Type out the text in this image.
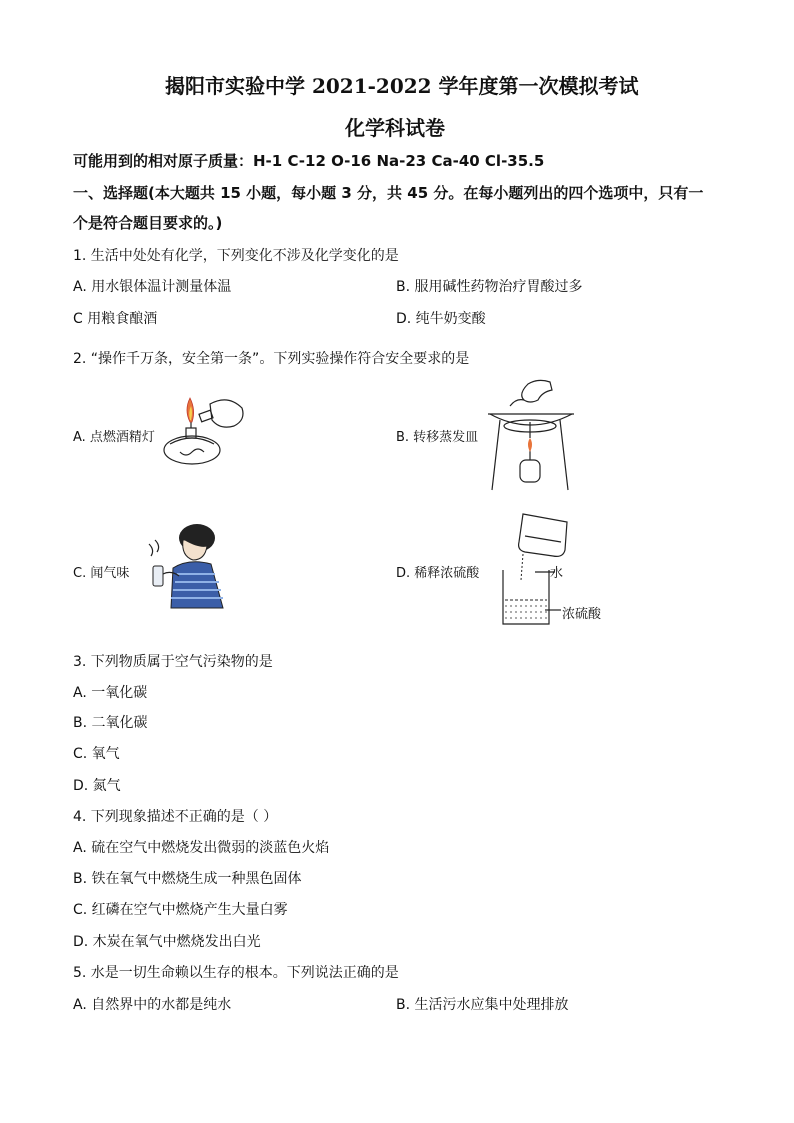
揭阳市实验中学 2021-2022 学年度第一次模拟考试
化学科试卷
可能用到的相对原子质量：H-1 C-12 O-16 Na-23 Ca-40 Cl-35.5
一、选择题(本大题共 15 小题，每小题 3 分，共 45 分。在每小题列出的四个选项中，只有一
个是符合题目要求的。)
1. 生活中处处有化学，下列变化不涉及化学变化的是
A. 用水银体温计测量体温	B. 服用碱性药物治疗胃酸过多
C 用粮食酿酒	D. 纯牛奶变酸
2. “操作千万条，安全第一条”。下列实验操作符合安全要求的是
A. 点燃酒精灯	B. 转移蒸发皿
C. 闻气味	D. 稀释浓硫酸	水
浓硫酸
3. 下列物质属于空气污染物的是
A. 一氧化碳
B. 二氧化碳
C. 氧气
D. 氮气
4. 下列现象描述不正确的是（ ）
A. 硫在空气中燃烧发出微弱的淡蓝色火焰
B. 铁在氧气中燃烧生成一种黑色固体
C. 红磷在空气中燃烧产生大量白雾
D. 木炭在氧气中燃烧发出白光
5. 水是一切生命赖以生存的根本。下列说法正确的是
A. 自然界中的水都是纯水	B. 生活污水应集中处理排放
